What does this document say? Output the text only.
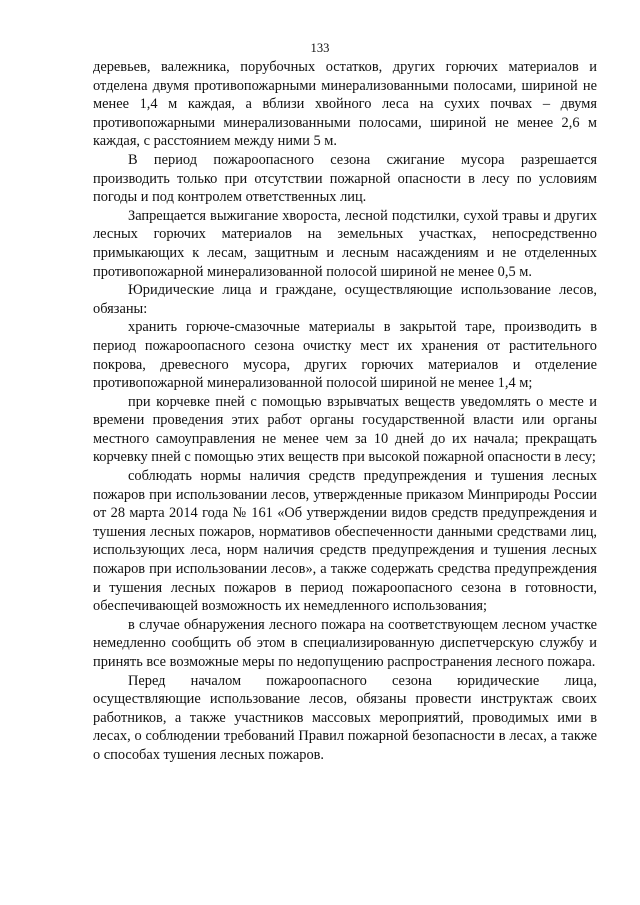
133

деревьев, валежника, порубочных остатков, других горючих материалов и отделена двумя противопожарными минерализованными полосами, шириной не менее 1,4 м каждая, а вблизи хвойного леса на сухих почвах – двумя противопожарными минерализованными полосами, шириной не менее 2,6 м каждая, с расстоянием между ними 5 м.

В период пожароопасного сезона сжигание мусора разрешается производить только при отсутствии пожарной опасности в лесу по условиям погоды и под контролем ответственных лиц.

Запрещается выжигание хвороста, лесной подстилки, сухой травы и других лесных горючих материалов на земельных участках, непосредственно примыкающих к лесам, защитным и лесным насаждениям и не отделенных противопожарной минерализованной полосой шириной не менее 0,5 м.

Юридические лица и граждане, осуществляющие использование лесов, обязаны:

хранить горюче-смазочные материалы в закрытой таре, производить в период пожароопасного сезона очистку мест их хранения от растительного покрова, древесного мусора, других горючих материалов и отделение противопожарной минерализованной полосой шириной не менее 1,4 м;

при корчевке пней с помощью взрывчатых веществ уведомлять о месте и времени проведения этих работ органы государственной власти или органы местного самоуправления не менее чем за 10 дней до их начала; прекращать корчевку пней с помощью этих веществ при высокой пожарной опасности в лесу;

соблюдать нормы наличия средств предупреждения и тушения лесных пожаров при использовании лесов, утвержденные приказом Минприроды России от 28 марта 2014 года № 161 «Об утверждении видов средств предупреждения и тушения лесных пожаров, нормативов обеспеченности данными средствами лиц, использующих леса, норм наличия средств предупреждения и тушения лесных пожаров при использовании лесов», а также содержать средства предупреждения и тушения лесных пожаров в период пожароопасного сезона в готовности, обеспечивающей возможность их немедленного использования;

в случае обнаружения лесного пожара на соответствующем лесном участке немедленно сообщить об этом в специализированную диспетчерскую службу и принять все возможные меры по недопущению распространения лесного пожара.

Перед началом пожароопасного сезона юридические лица, осуществляющие использование лесов, обязаны провести инструктаж своих работников, а также участников массовых мероприятий, проводимых ими в лесах, о соблюдении требований Правил пожарной безопасности в лесах, а также о способах тушения лесных пожаров.
